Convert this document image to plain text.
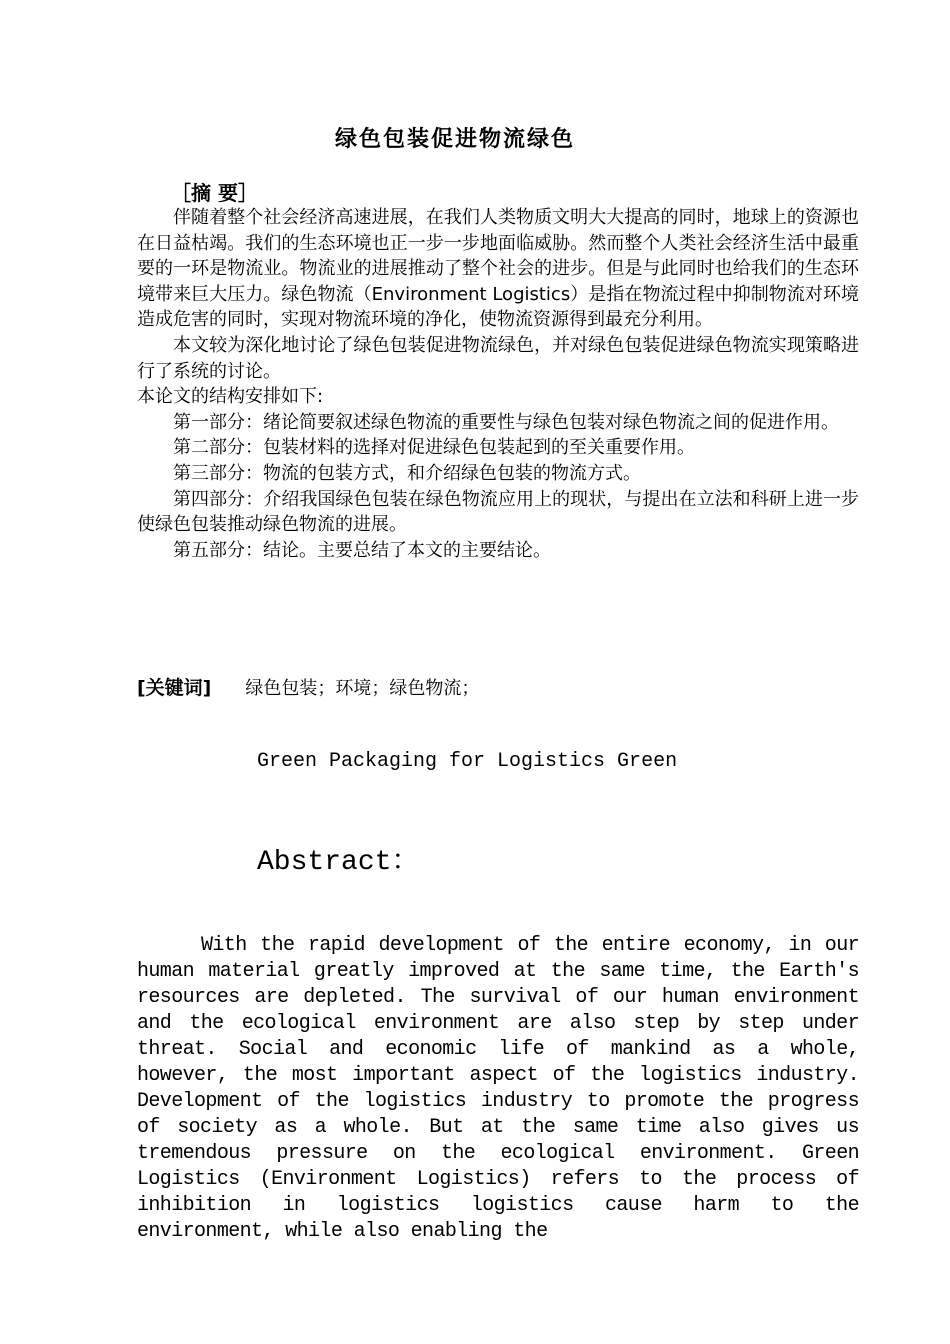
绿色包装促进物流绿色
［摘 要］

伴随着整个社会经济高速进展，在我们人类物质文明大大提高的同时，地球上的资源也在日益枯竭。我们的生态环境也正一步一步地面临威胁。然而整个人类社会经济生活中最重要的一环是物流业。物流业的进展推动了整个社会的进步。但是与此同时也给我们的生态环境带来巨大压力。绿色物流（Environment Logistics）是指在物流过程中抑制物流对环境造成危害的同时，实现对物流环境的净化，使物流资源得到最充分利用。

本文较为深化地讨论了绿色包装促进物流绿色，并对绿色包装促进绿色物流实现策略进行了系统的讨论。

本论文的结构安排如下:

第一部分：绪论简要叙述绿色物流的重要性与绿色包装对绿色物流之间的促进作用。

第二部分：包装材料的选择对促进绿色包装起到的至关重要作用。

第三部分：物流的包装方式，和介绍绿色包装的物流方式。

第四部分：介绍我国绿色包装在绿色物流应用上的现状，与提出在立法和科研上进一步使绿色包装推动绿色物流的进展。

第五部分：结论。主要总结了本文的主要结论。

[关键词] 绿色包装；环境；绿色物流；
Green Packaging for Logistics Green
Abstract：

With the rapid development of the entire economy, in our human material greatly improved at the same time, the Earth's resources are depleted. The survival of our human environment and the ecological environment are also step by step under threat. Social and economic life of mankind as a whole, however, the most important aspect of the logistics industry. Development of the logistics industry to promote the progress of society as a whole. But at the same time also gives us tremendous pressure on the ecological environment. Green Logistics (Environment Logistics) refers to the process of inhibition in logistics logistics cause harm to the environment, while also enabling the
